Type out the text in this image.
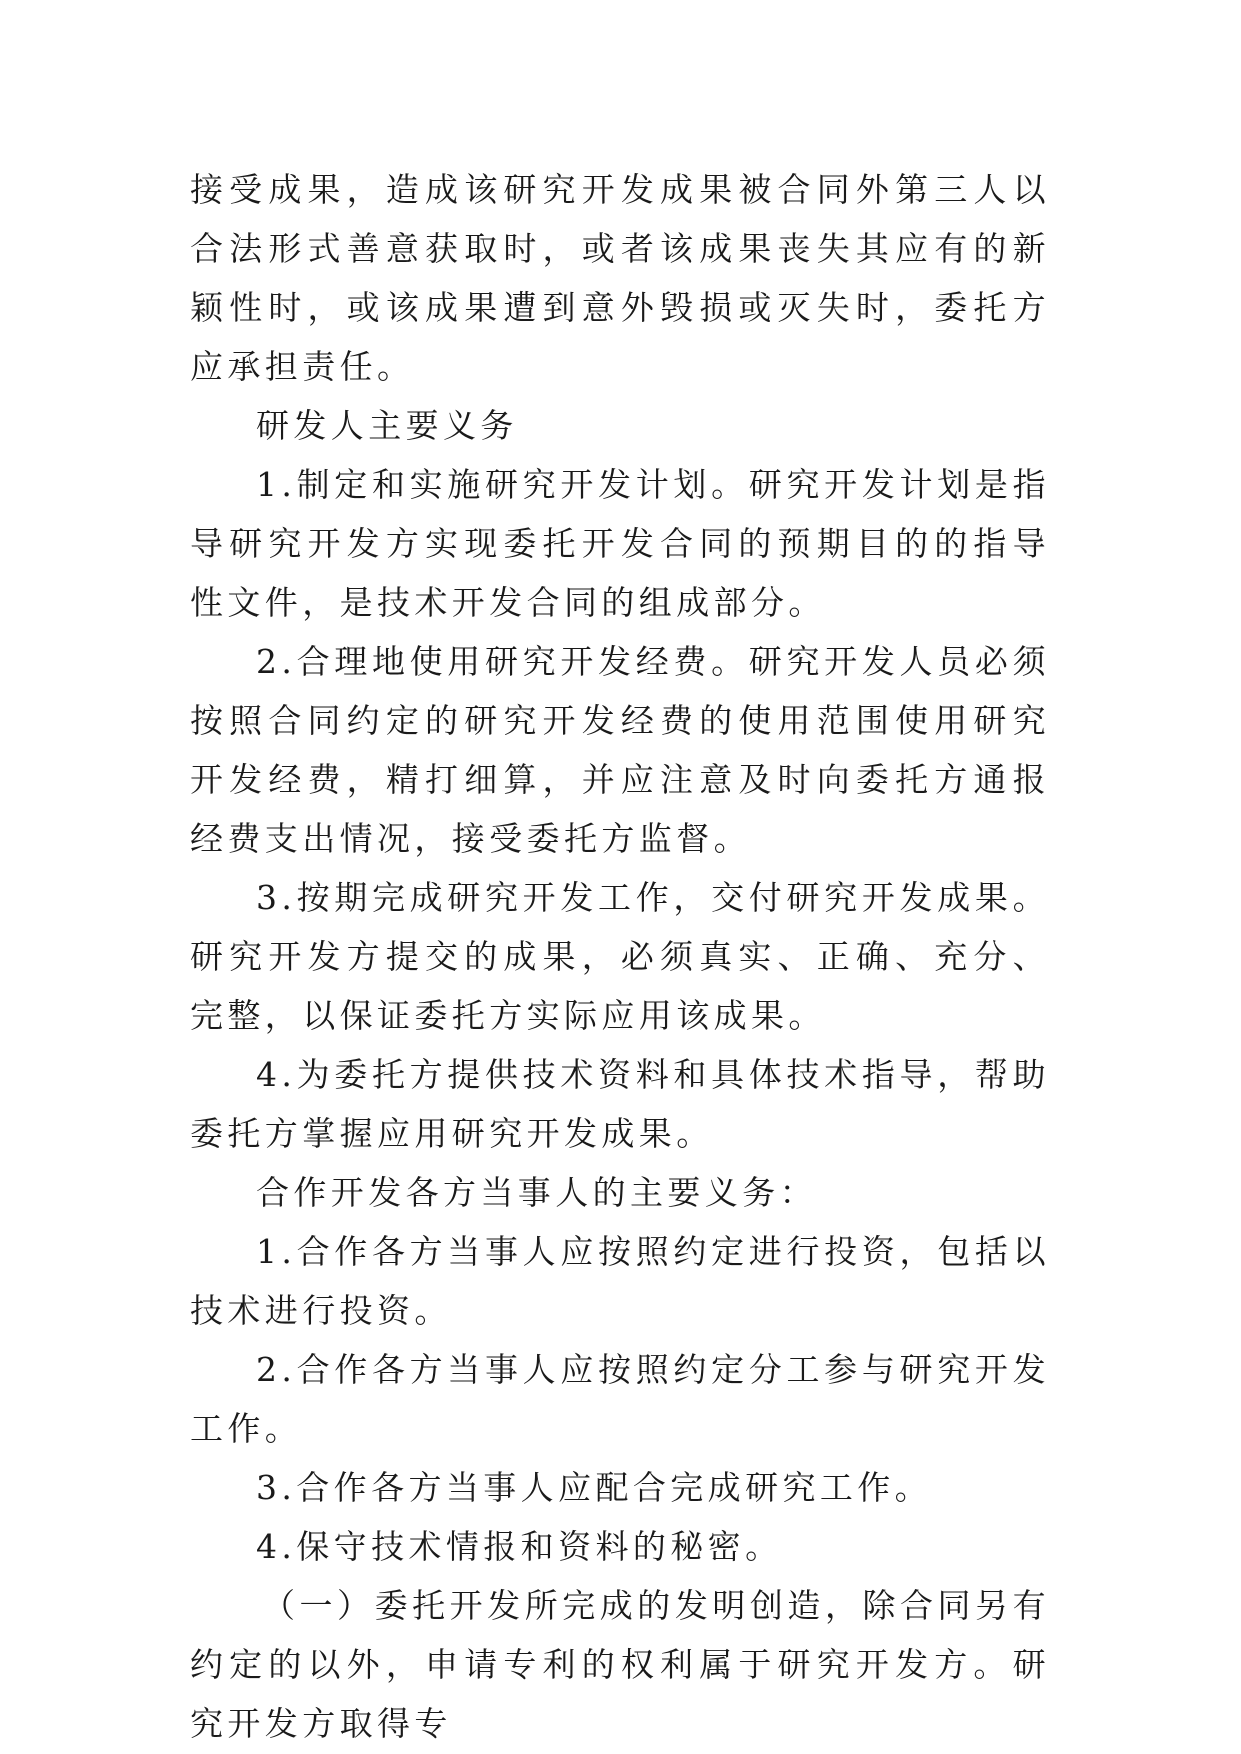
接受成果，造成该研究开发成果被合同外第三人以合法形式善意获取时，或者该成果丧失其应有的新颖性时，或该成果遭到意外毁损或灭失时，委托方应承担责任。

研发人主要义务

1.制定和实施研究开发计划。研究开发计划是指导研究开发方实现委托开发合同的预期目的的指导性文件，是技术开发合同的组成部分。

2.合理地使用研究开发经费。研究开发人员必须按照合同约定的研究开发经费的使用范围使用研究开发经费，精打细算，并应注意及时向委托方通报经费支出情况，接受委托方监督。

3.按期完成研究开发工作，交付研究开发成果。研究开发方提交的成果，必须真实、正确、充分、完整，以保证委托方实际应用该成果。

4.为委托方提供技术资料和具体技术指导，帮助委托方掌握应用研究开发成果。

合作开发各方当事人的主要义务：

1.合作各方当事人应按照约定进行投资，包括以技术进行投资。

2.合作各方当事人应按照约定分工参与研究开发工作。

3.合作各方当事人应配合完成研究工作。

4.保守技术情报和资料的秘密。

（一）委托开发所完成的发明创造，除合同另有约定的以外，申请专利的权利属于研究开发方。研究开发方取得专
